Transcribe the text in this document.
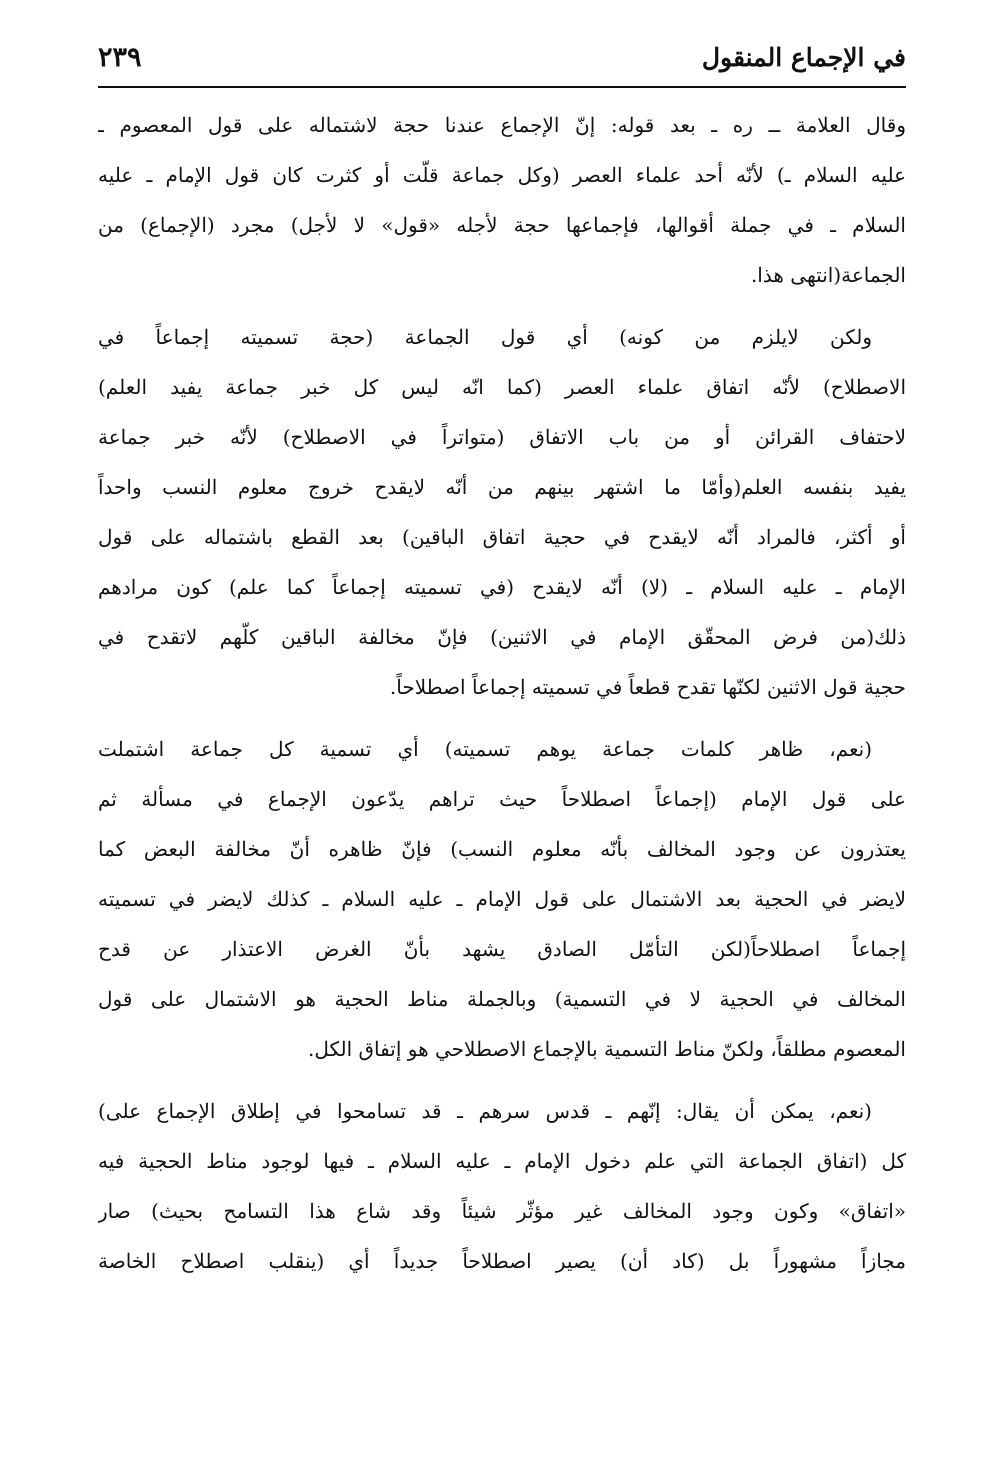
في الإجماع المنقول
٢٣٩
وقال العلامة ــ ره ـ بعد قوله: إنّ الإجماع عندنا حجة لاشتماله على قول المعصوم ـ
عليه السلام ـ) لأنّه أحد علماء العصر (وكل جماعة قلّت أو كثرت كان قول الإمام ـ عليه
السلام ـ في جملة أقوالها، فإجماعها حجة لأجله «قول» لا لأجل) مجرد (الإجماع) من
الجماعة(انتهى هذا.
ولكن لايلزم من كونه) أي قول الجماعة (حجة تسميته إجماعاً في
الاصطلاح) لأنّه اتفاق علماء العصر (كما انّه ليس كل خبر جماعة يفيد العلم)
لاحتفاف القرائن أو من باب الاتفاق (متواتراً في الاصطلاح) لأنّه خبر جماعة
يفيد بنفسه العلم(وأمّا ما اشتهر بينهم من أنّه لايقدح خروج معلوم النسب واحداً
أو أكثر، فالمراد أنّه لايقدح في حجية اتفاق الباقين) بعد القطع باشتماله على قول
الإمام ـ عليه السلام ـ (لا) أنّه لايقدح (في تسميته إجماعاً كما علم) كون مرادهم
ذلك(من فرض المحقّق الإمام في الاثنين) فإنّ مخالفة الباقين كلّهم لاتقدح في
حجية قول الاثنين لكنّها تقدح قطعاً في تسميته إجماعاً اصطلاحاً.
(نعم، ظاهر كلمات جماعة يوهم تسميته) أي تسمية كل جماعة اشتملت
على قول الإمام (إجماعاً اصطلاحاً حيث تراهم يدّعون الإجماع في مسألة ثم
يعتذرون عن وجود المخالف بأنّه معلوم النسب) فإنّ ظاهره أنّ مخالفة البعض كما
لايضر في الحجية بعد الاشتمال على قول الإمام ـ عليه السلام ـ كذلك لايضر في تسميته
إجماعاً اصطلاحاً(لكن التأمّل الصادق يشهد بأنّ الغرض الاعتذار عن قدح
المخالف في الحجية لا في التسمية) وبالجملة مناط الحجية هو الاشتمال على قول
المعصوم مطلقاً، ولكنّ مناط التسمية بالإجماع الاصطلاحي هو إتفاق الكل.
(نعم، يمكن أن يقال: إنّهم ـ قدس سرهم ـ قد تسامحوا في إطلاق الإجماع على)
كل (اتفاق الجماعة التي علم دخول الإمام ـ عليه السلام ـ فيها لوجود مناط الحجية فيه
«اتفاق» وكون وجود المخالف غير مؤثّر شيئاً وقد شاع هذا التسامح بحيث) صار
مجازاً مشهوراً بل (كاد أن) يصير اصطلاحاً جديداً أي (ينقلب اصطلاح الخاصة
